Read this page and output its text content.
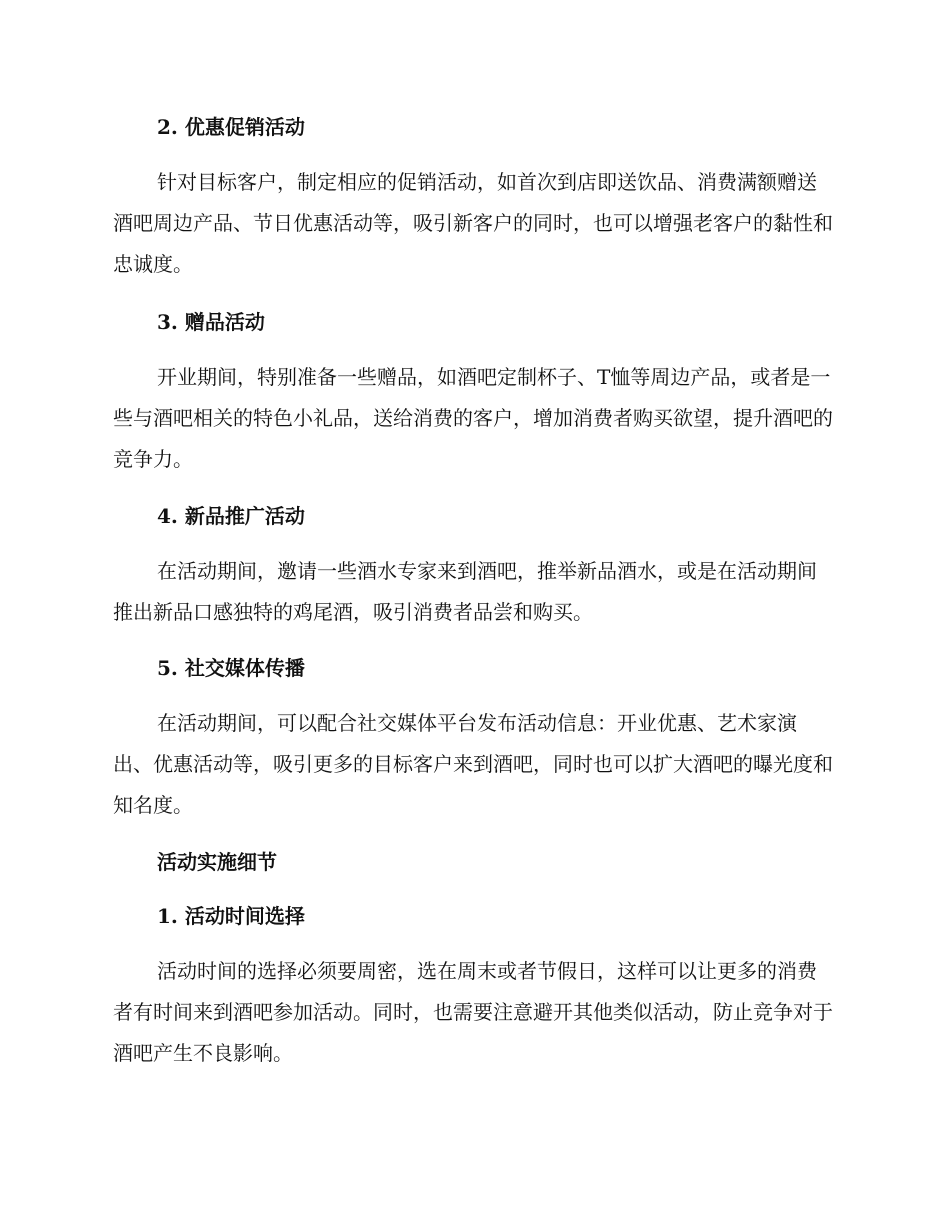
2. 优惠促销活动

针对目标客户，制定相应的促销活动，如首次到店即送饮品、消费满额赠送酒吧周边产品、节日优惠活动等，吸引新客户的同时，也可以增强老客户的黏性和忠诚度。

3. 赠品活动

开业期间，特别准备一些赠品，如酒吧定制杯子、T恤等周边产品，或者是一些与酒吧相关的特色小礼品，送给消费的客户，增加消费者购买欲望，提升酒吧的竞争力。

4. 新品推广活动

在活动期间，邀请一些酒水专家来到酒吧，推举新品酒水，或是在活动期间推出新品口感独特的鸡尾酒，吸引消费者品尝和购买。

5. 社交媒体传播

在活动期间，可以配合社交媒体平台发布活动信息：开业优惠、艺术家演出、优惠活动等，吸引更多的目标客户来到酒吧，同时也可以扩大酒吧的曝光度和知名度。

活动实施细节
1. 活动时间选择

活动时间的选择必须要周密，选在周末或者节假日，这样可以让更多的消费者有时间来到酒吧参加活动。同时，也需要注意避开其他类似活动，防止竞争对于酒吧产生不良影响。
